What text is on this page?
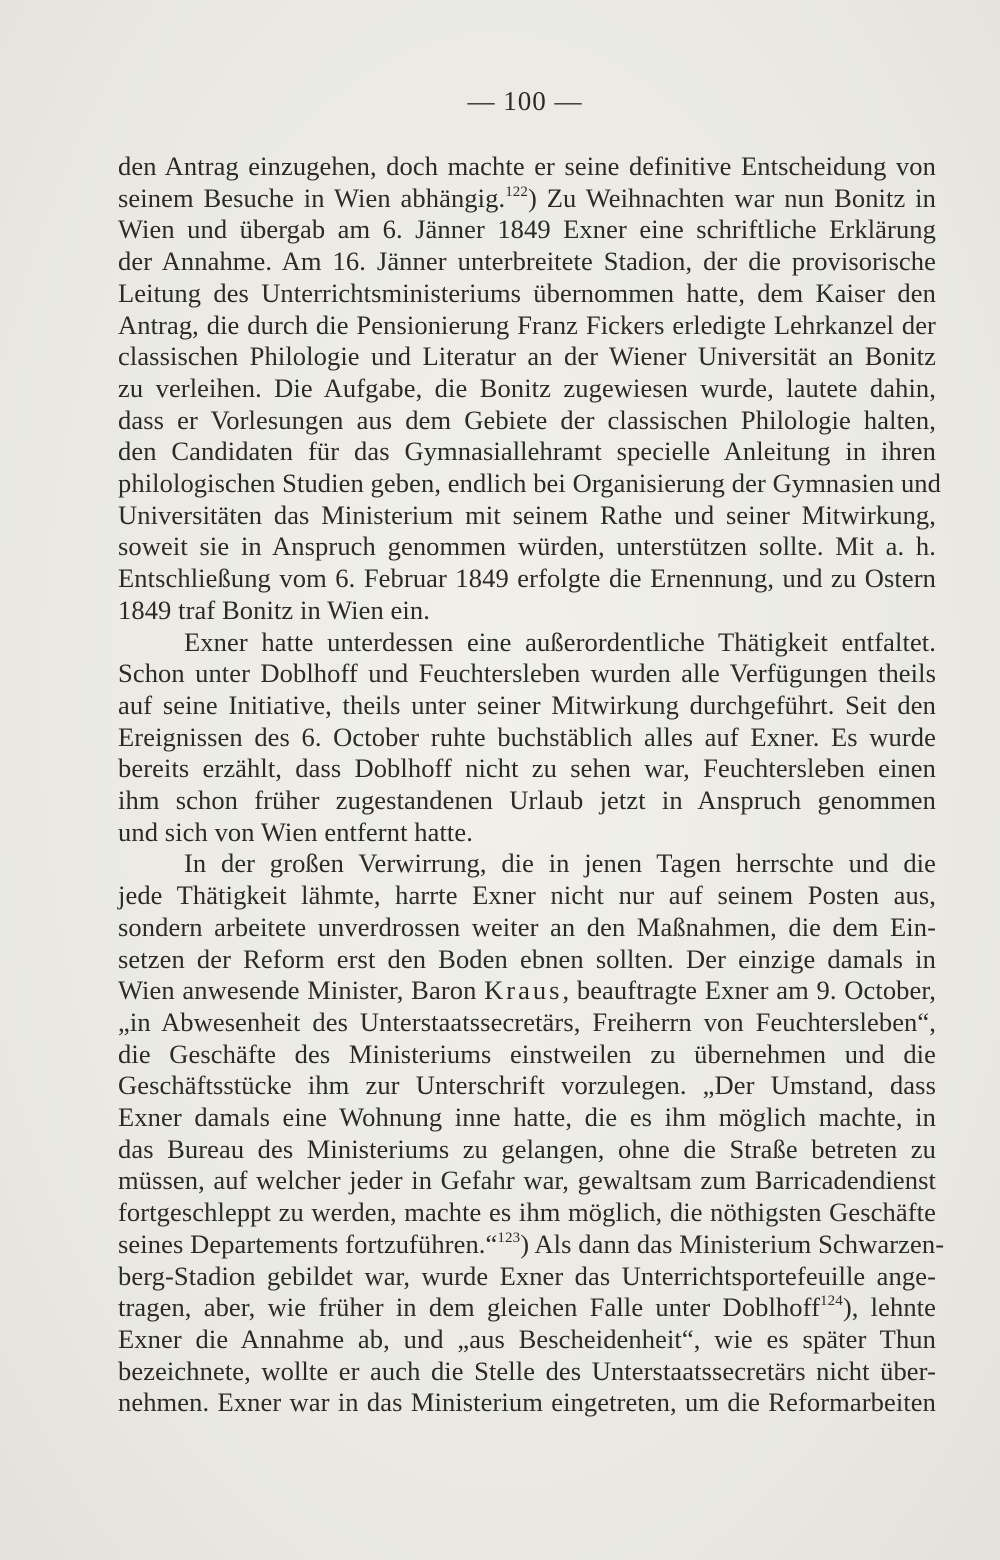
— 100 —
den Antrag einzugehen, doch machte er seine definitive Entscheidung von
seinem Besuche in Wien abhängig.$^{122}$) Zu Weihnachten war nun Bonitz in
Wien und übergab am 6. Jänner 1849 Exner eine schriftliche Erklärung
der Annahme. Am 16. Jänner unterbreitete Stadion, der die provisorische
Leitung des Unterrichtsministeriums übernommen hatte, dem Kaiser den
Antrag, die durch die Pensionierung Franz Fickers erledigte Lehrkanzel der
classischen Philologie und Literatur an der Wiener Universität an Bonitz
zu verleihen. Die Aufgabe, die Bonitz zugewiesen wurde, lautete dahin,
dass er Vorlesungen aus dem Gebiete der classischen Philologie halten,
den Candidaten für das Gymnasiallehramt specielle Anleitung in ihren
philologischen Studien geben, endlich bei Organisierung der Gymnasien und
Universitäten das Ministerium mit seinem Rathe und seiner Mitwirkung,
soweit sie in Anspruch genommen würden, unterstützen sollte. Mit a. h.
Entschließung vom 6. Februar 1849 erfolgte die Ernennung, und zu Ostern
1849 traf Bonitz in Wien ein.
Exner hatte unterdessen eine außerordentliche Thätigkeit entfaltet.
Schon unter Doblhoff und Feuchtersleben wurden alle Verfügungen theils
auf seine Initiative, theils unter seiner Mitwirkung durchgeführt. Seit den
Ereignissen des 6. October ruhte buchstäblich alles auf Exner. Es wurde
bereits erzählt, dass Doblhoff nicht zu sehen war, Feuchtersleben einen
ihm schon früher zugestandenen Urlaub jetzt in Anspruch genommen
und sich von Wien entfernt hatte.
In der großen Verwirrung, die in jenen Tagen herrschte und die
jede Thätigkeit lähmte, harrte Exner nicht nur auf seinem Posten aus,
sondern arbeitete unverdrossen weiter an den Maßnahmen, die dem Ein-
setzen der Reform erst den Boden ebnen sollten. Der einzige damals in
Wien anwesende Minister, Baron Kraus, beauftragte Exner am 9. October,
„in Abwesenheit des Unterstaatssecretärs, Freiherrn von Feuchtersleben“,
die Geschäfte des Ministeriums einstweilen zu übernehmen und die
Geschäftsstücke ihm zur Unterschrift vorzulegen. „Der Umstand, dass
Exner damals eine Wohnung inne hatte, die es ihm möglich machte, in
das Bureau des Ministeriums zu gelangen, ohne die Straße betreten zu
müssen, auf welcher jeder in Gefahr war, gewaltsam zum Barricadendienst
fortgeschleppt zu werden, machte es ihm möglich, die nöthigsten Geschäfte
seines Departements fortzuführen.“$^{123}$) Als dann das Ministerium Schwarzen-
berg-Stadion gebildet war, wurde Exner das Unterrichtsportefeuille ange-
tragen, aber, wie früher in dem gleichen Falle unter Doblhoff$^{124}$), lehnte
Exner die Annahme ab, und „aus Bescheidenheit“, wie es später Thun
bezeichnete, wollte er auch die Stelle des Unterstaatssecretärs nicht über-
nehmen. Exner war in das Ministerium eingetreten, um die Reformarbeiten
